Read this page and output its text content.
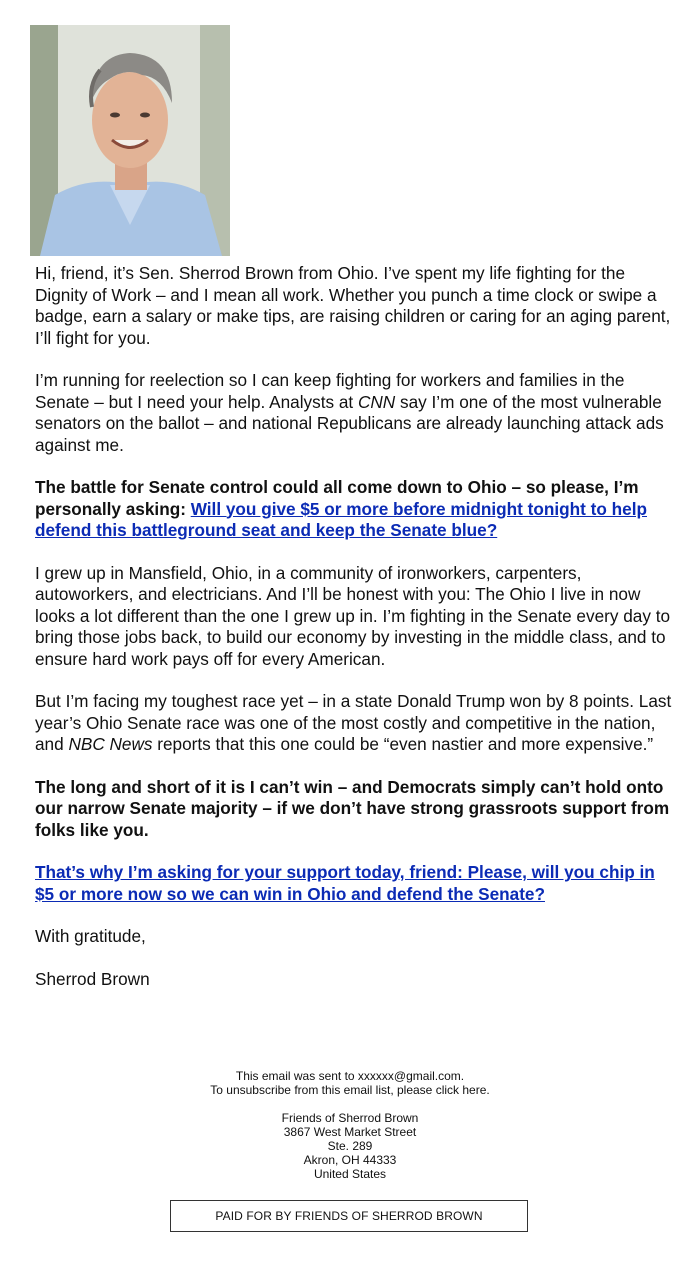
Hi, friend, it’s Sen. Sherrod Brown from Ohio. I’ve spent my life fighting for the Dignity of Work – and I mean all work. Whether you punch a time clock or swipe a badge, earn a salary or make tips, are raising children or caring for an aging parent, I’ll fight for you.

I’m running for reelection so I can keep fighting for workers and families in the Senate – but I need your help. Analysts at CNN say I’m one of the most vulnerable senators on the ballot – and national Republicans are already launching attack ads against me.

The battle for Senate control could all come down to Ohio – so please, I’m personally asking: Will you give $5 or more before midnight tonight to help defend this battleground seat and keep the Senate blue?

I grew up in Mansfield, Ohio, in a community of ironworkers, carpenters, autoworkers, and electricians. And I’ll be honest with you: The Ohio I live in now looks a lot different than the one I grew up in. I’m fighting in the Senate every day to bring those jobs back, to build our economy by investing in the middle class, and to ensure hard work pays off for every American.

But I’m facing my toughest race yet – in a state Donald Trump won by 8 points. Last year’s Ohio Senate race was one of the most costly and competitive in the nation, and NBC News reports that this one could be “even nastier and more expensive.”

The long and short of it is I can’t win – and Democrats simply can’t hold onto our narrow Senate majority – if we don’t have strong grassroots support from folks like you.

That’s why I’m asking for your support today, friend: Please, will you chip in $5 or more now so we can win in Ohio and defend the Senate?

With gratitude,

Sherrod Brown

This email was sent to xxxxxx@gmail.com.
To unsubscribe from this email list, please click here.
Friends of Sherrod Brown
3867 West Market Street
Ste. 289
Akron, OH 44333
United States
PAID FOR BY FRIENDS OF SHERROD BROWN
